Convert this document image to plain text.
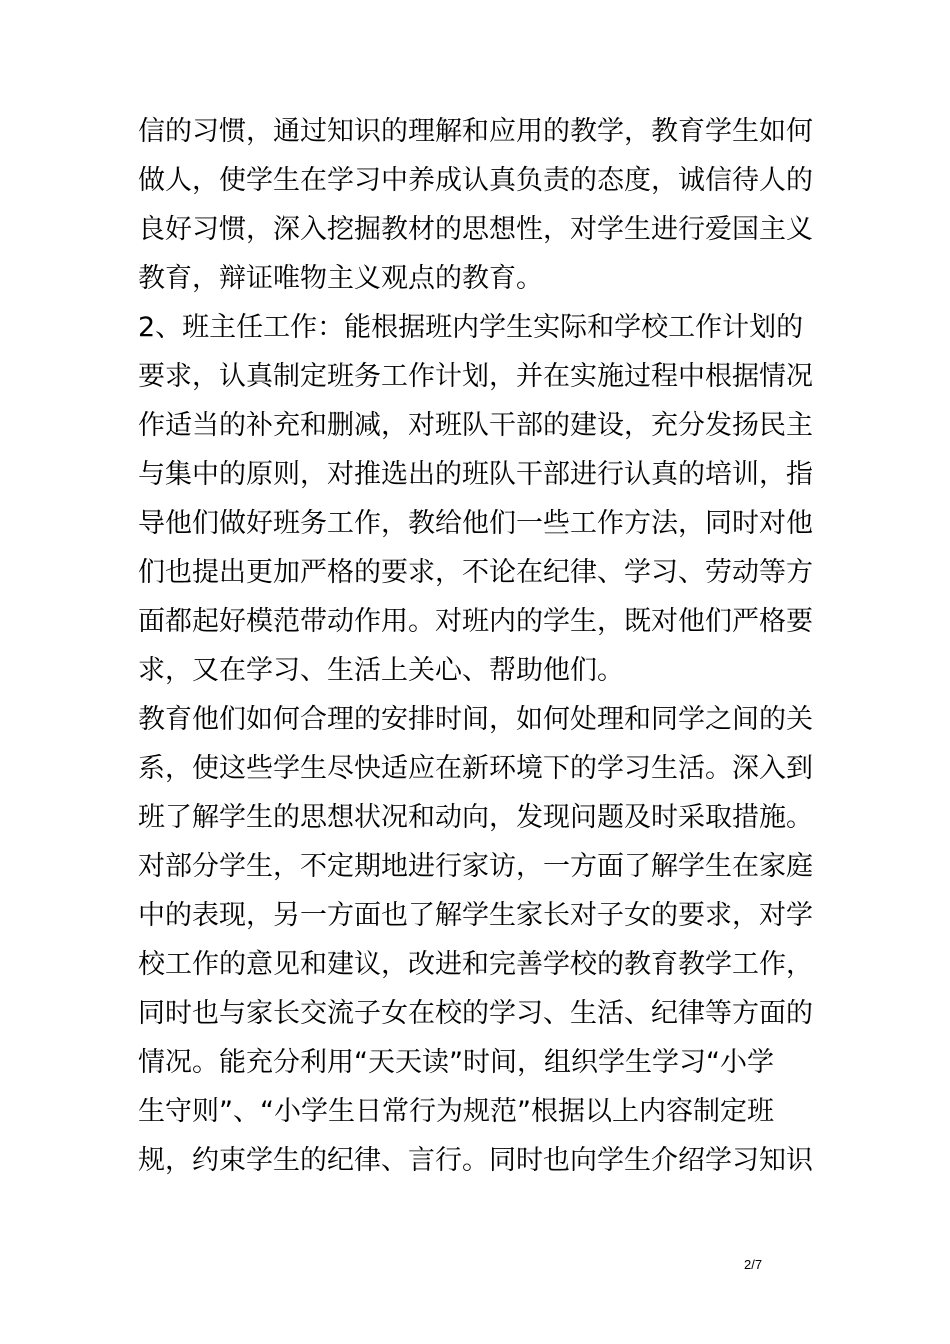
信的习惯，通过知识的理解和应用的教学，教育学生如何
做人，使学生在学习中养成认真负责的态度，诚信待人的
良好习惯，深入挖掘教材的思想性，对学生进行爱国主义
教育，辩证唯物主义观点的教育。
2、班主任工作：能根据班内学生实际和学校工作计划的
要求，认真制定班务工作计划，并在实施过程中根据情况
作适当的补充和删减，对班队干部的建设，充分发扬民主
与集中的原则，对推选出的班队干部进行认真的培训，指
导他们做好班务工作，教给他们一些工作方法，同时对他
们也提出更加严格的要求，不论在纪律、学习、劳动等方
面都起好模范带动作用。对班内的学生，既对他们严格要
求，又在学习、生活上关心、帮助他们。
教育他们如何合理的安排时间，如何处理和同学之间的关
系，使这些学生尽快适应在新环境下的学习生活。深入到
班了解学生的思想状况和动向，发现问题及时采取措施。
对部分学生，不定期地进行家访，一方面了解学生在家庭
中的表现，另一方面也了解学生家长对子女的要求，对学
校工作的意见和建议，改进和完善学校的教育教学工作，
同时也与家长交流子女在校的学习、生活、纪律等方面的
情况。能充分利用“天天读”时间，组织学生学习“小学
生守则”、“小学生日常行为规范”根据以上内容制定班
规，约束学生的纪律、言行。同时也向学生介绍学习知识
2/7
